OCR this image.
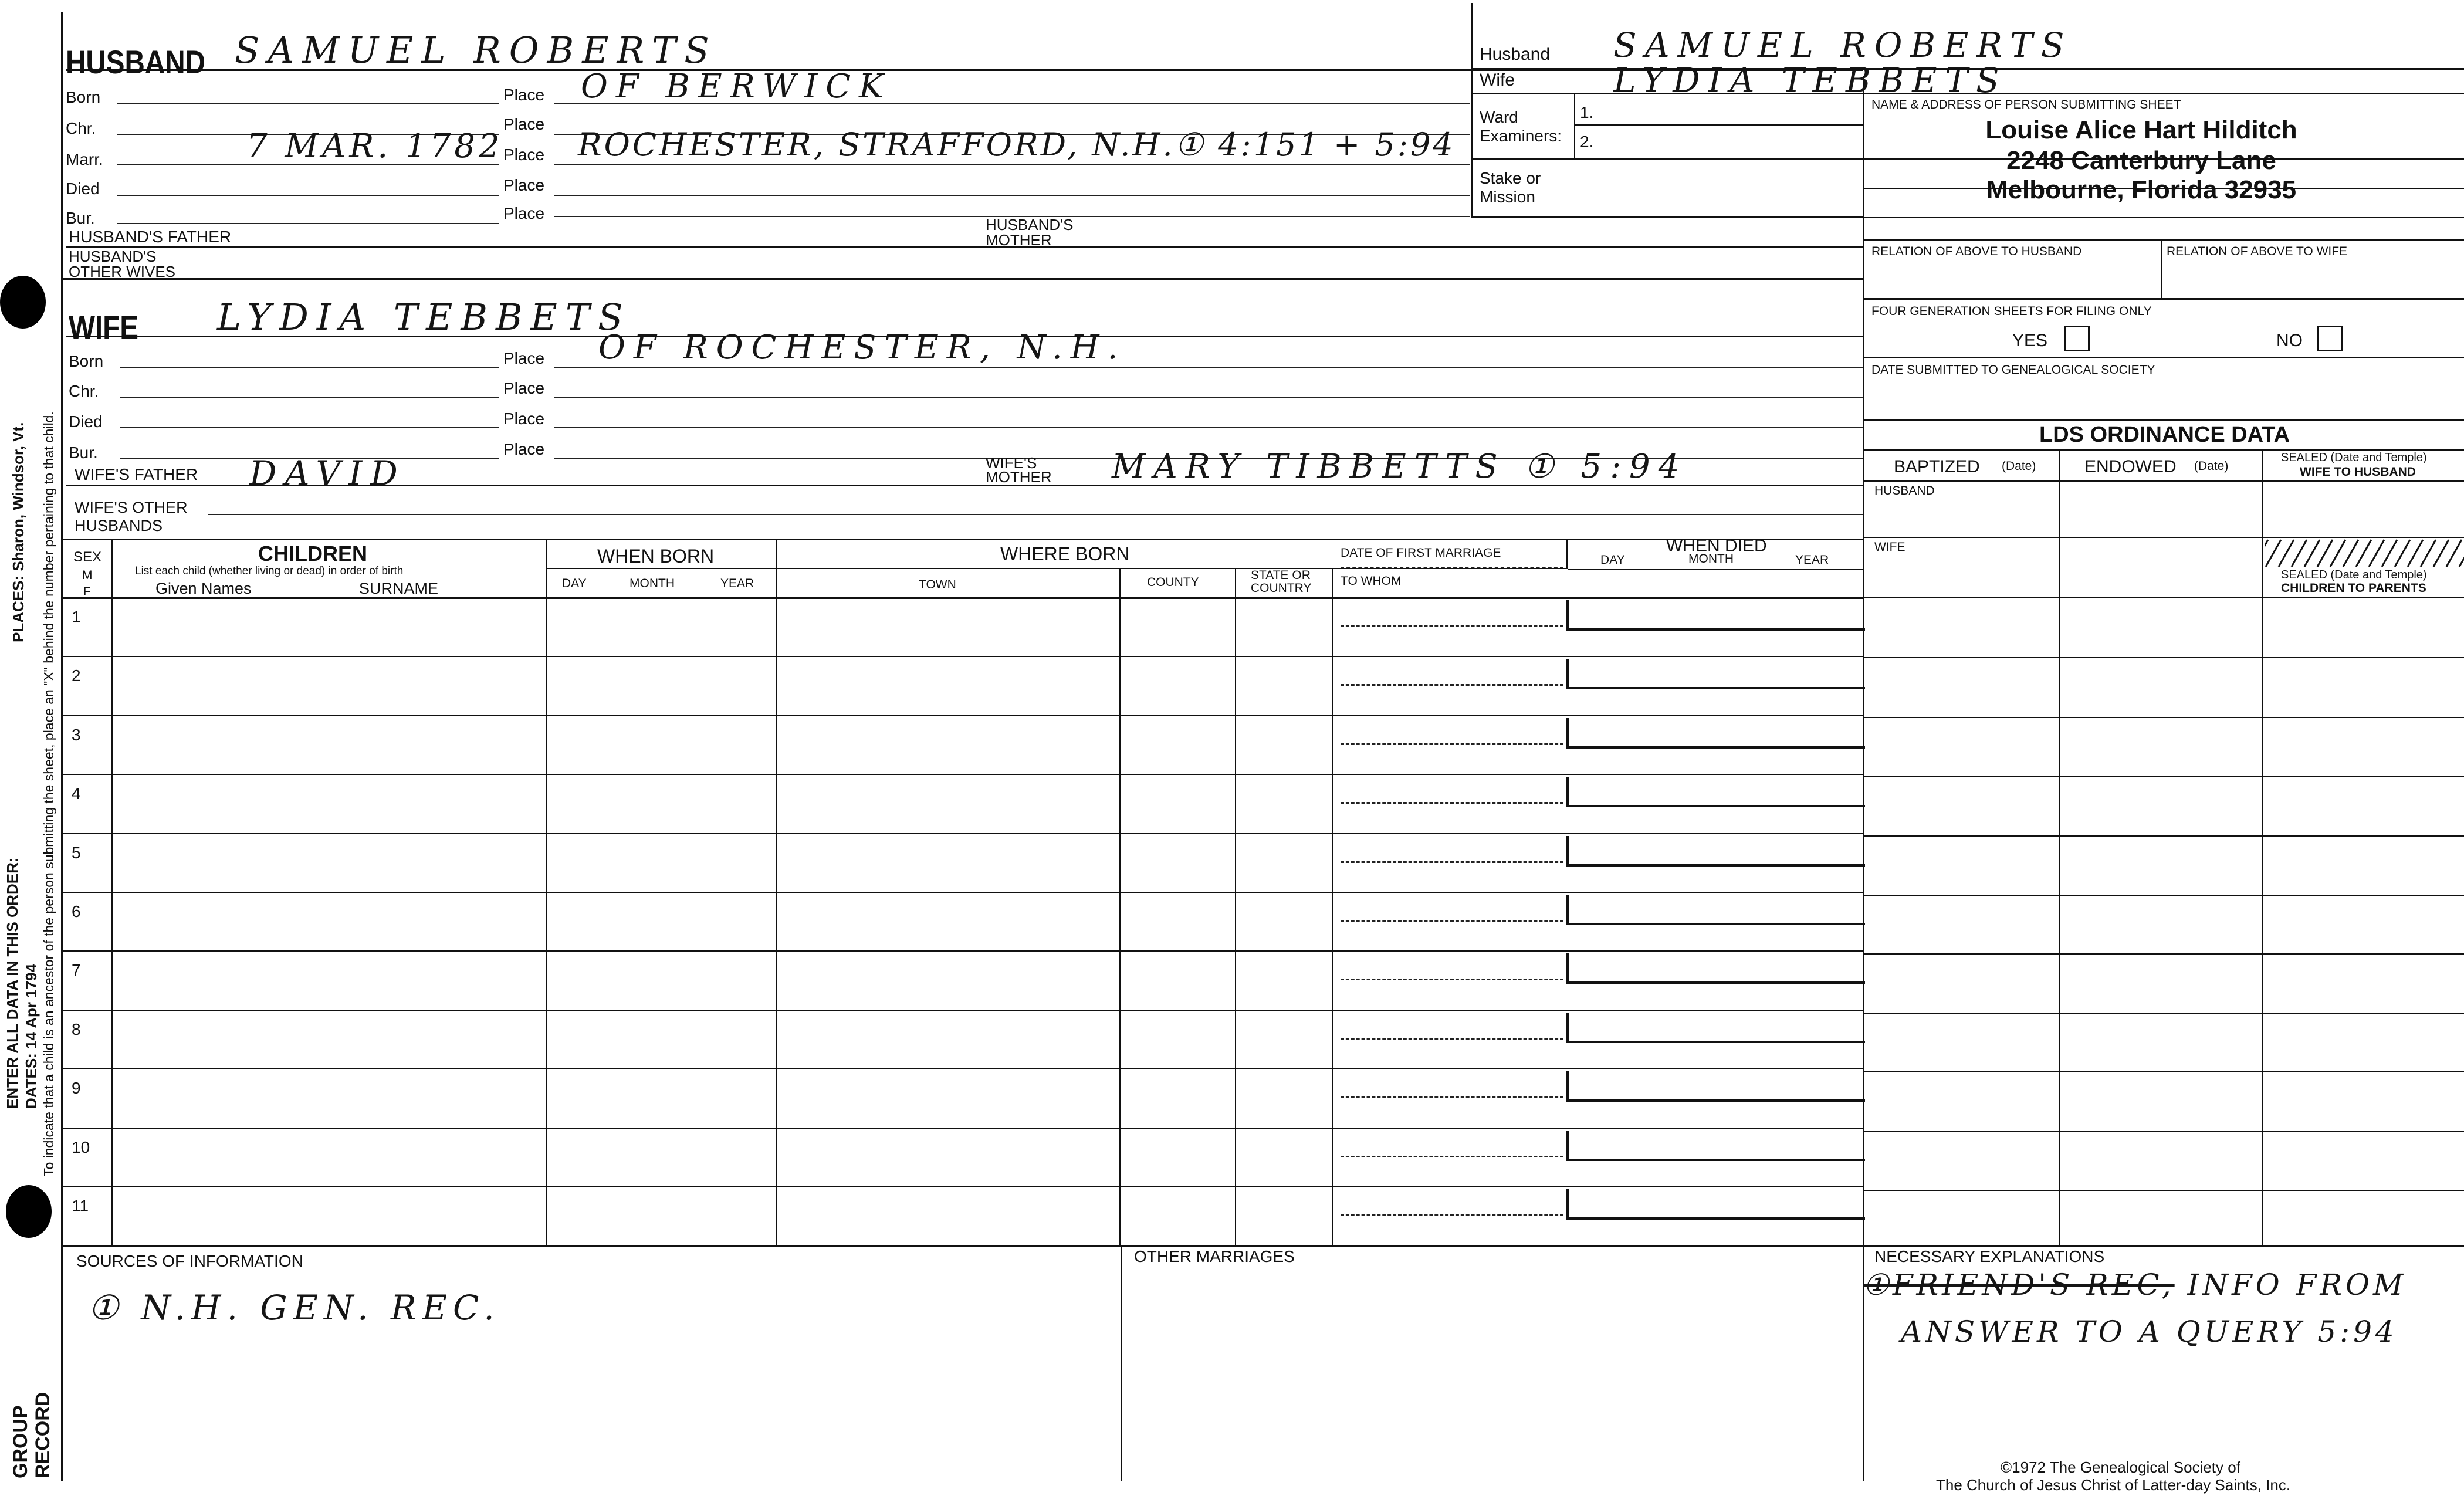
PLACES: Sharon, Windsor, Vt.
ENTER ALL DATA IN THIS ORDER: DATES: 14 Apr 1794 To indicate that a child is an ancestor of the person submitting the sheet, place an "X" behind the number pertaining to that child.
GROUP RECORD
HUSBAND SAMUEL ROBERTS
Born	Place OF BERWICK
Chr.	Place
Marr.	7 MAR. 1782 Place ROCHESTER, STRAFFORD, N.H.① 4:151 + 5:94
Died	Place
Bur.	Place
HUSBAND'S FATHER
HUSBAND'S
MOTHER
HUSBAND'S
OTHER WIVES
WIFE LYDIA TEBBETS
Born	Place OF ROCHESTER, N.H.
Chr.	Place
Died	Place
Bur.	Place
WIFE'S FATHER DAVID	WIFE'S
MOTHER MARY TIBBETTS ① 5:94
WIFE'S OTHER
HUSBANDS
Husband SAMUEL ROBERTS
Wife	LYDIA TEBBETS
Ward
Examiners:
1.
2.
Stake or
Mission
NAME & ADDRESS OF PERSON SUBMITTING SHEET
Louise Alice Hart Hilditch
2248 Canterbury Lane
Melbourne, Florida 32935
RELATION OF ABOVE TO HUSBAND	RELATION OF ABOVE TO WIFE
FOUR GENERATION SHEETS FOR FILING ONLY
YES	NO
DATE SUBMITTED TO GENEALOGICAL SOCIETY
LDS ORDINANCE DATA
BAPTIZED (Date)	ENDOWED (Date)
SEALED (Date and Temple)
WIFE TO HUSBAND
HUSBAND
WIFE
SEALED (Date and Temple)
CHILDREN TO PARENTS
SEX
M
F
CHILDREN
List each child (whether living or dead) in order of birth
Given Names	SURNAME
WHEN BORN
DAY	MONTH	YEAR
WHERE BORN
TOWN	COUNTY
STATE OR
COUNTRY
DATE OF FIRST MARRIAGE
TO WHOM
WHEN DIED
DAY	MONTH	YEAR
1
2
3
4
5
6
7
8
9
10
11
SOURCES OF INFORMATION
① N.H. GEN. REC.
OTHER MARRIAGES	NECESSARY EXPLANATIONS
①FRIEND'S REC, INFO FROM
ANSWER TO A QUERY 5:94
©1972 The Genealogical Society of
The Church of Jesus Christ of Latter-day Saints, Inc.
